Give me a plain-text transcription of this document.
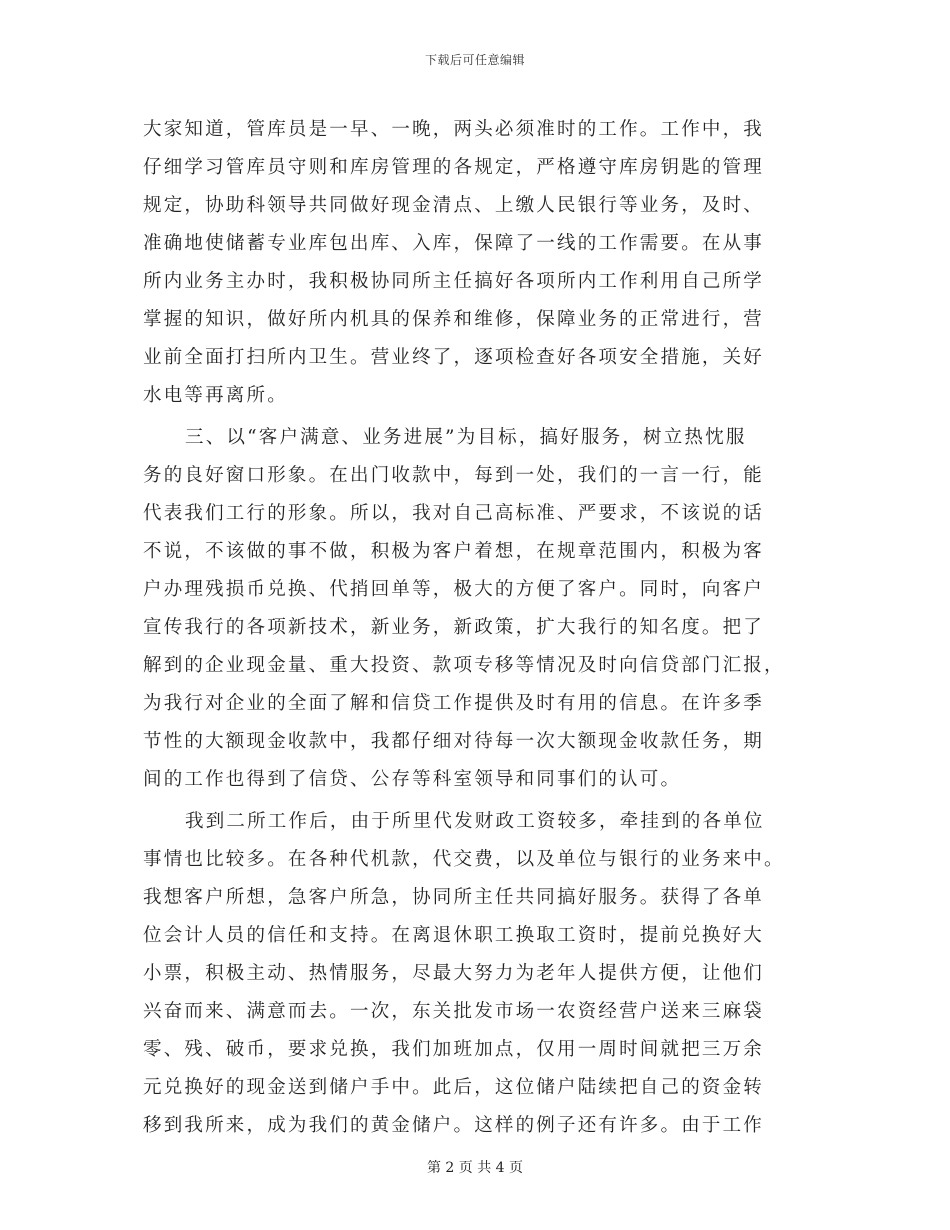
下载后可任意编辑
大家知道，管库员是一早、一晚，两头必须准时的工作。工作中，我
仔细学习管库员守则和库房管理的各规定，严格遵守库房钥匙的管理
规定，协助科领导共同做好现金清点、上缴人民银行等业务，及时、
准确地使储蓄专业库包出库、入库，保障了一线的工作需要。在从事
所内业务主办时，我积极协同所主任搞好各项所内工作利用自己所学
掌握的知识，做好所内机具的保养和维修，保障业务的正常进行，营
业前全面打扫所内卫生。营业终了，逐项检查好各项安全措施，关好
水电等再离所。
三、以“客户满意、业务进展”为目标，搞好服务，树立热忱服
务的良好窗口形象。在出门收款中，每到一处，我们的一言一行，能
代表我们工行的形象。所以，我对自己高标准、严要求，不该说的话
不说，不该做的事不做，积极为客户着想，在规章范围内，积极为客
户办理残损币兑换、代捎回单等，极大的方便了客户。同时，向客户
宣传我行的各项新技术，新业务，新政策，扩大我行的知名度。把了
解到的企业现金量、重大投资、款项专移等情况及时向信贷部门汇报，
为我行对企业的全面了解和信贷工作提供及时有用的信息。在许多季
节性的大额现金收款中，我都仔细对待每一次大额现金收款任务，期
间的工作也得到了信贷、公存等科室领导和同事们的认可。
我到二所工作后，由于所里代发财政工资较多，牵挂到的各单位
事情也比较多。在各种代机款，代交费，以及单位与银行的业务来中。
我想客户所想，急客户所急，协同所主任共同搞好服务。获得了各单
位会计人员的信任和支持。在离退休职工换取工资时，提前兑换好大
小票，积极主动、热情服务，尽最大努力为老年人提供方便，让他们
兴奋而来、满意而去。一次，东关批发市场一农资经营户送来三麻袋
零、残、破币，要求兑换，我们加班加点，仅用一周时间就把三万余
元兑换好的现金送到储户手中。此后，这位储户陆续把自己的资金转
移到我所来，成为我们的黄金储户。这样的例子还有许多。由于工作
第 2 页 共 4 页
